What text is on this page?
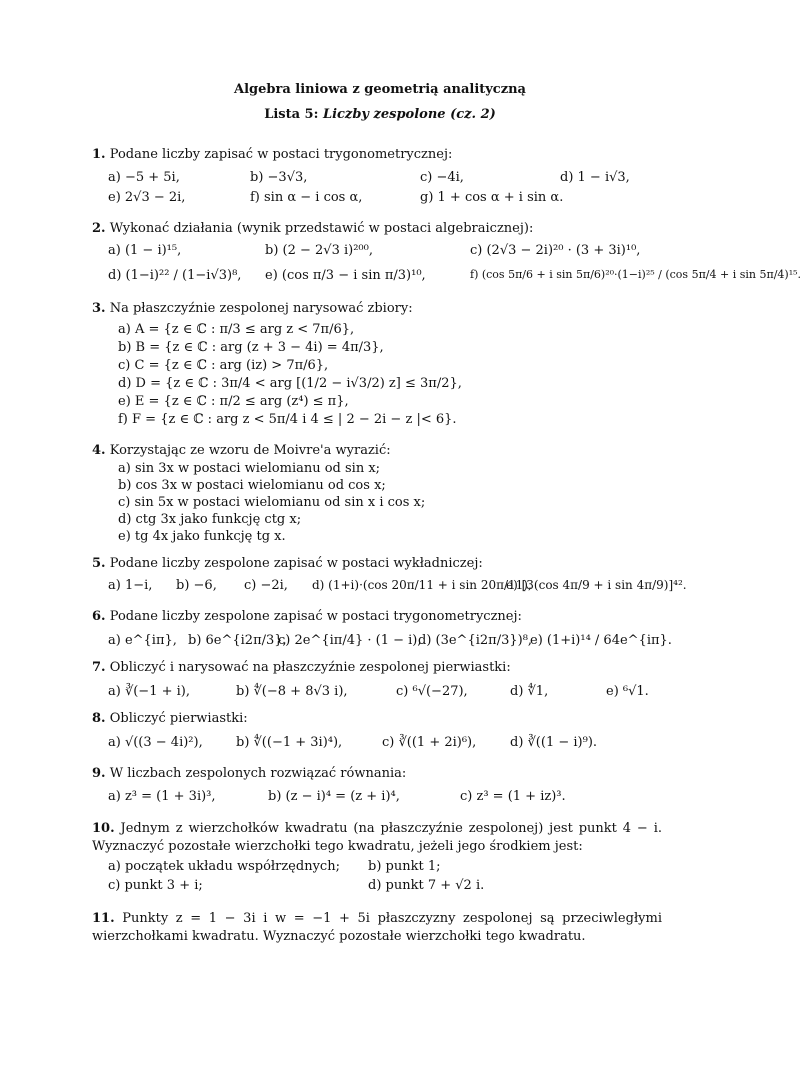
Algebra liniowa z geometrią analityczną
Lista 5: Liczby zespolone (cz. 2)
1. Podane liczby zapisać w postaci trygonometrycznej:
a) −5 + 5i,	b) −3√3,	c) −4i,	d) 1 − i√3,
e) 2√3 − 2i,	f) sin α − i cos α,	g) 1 + cos α + i sin α.
2. Wykonać działania (wynik przedstawić w postaci algebraicznej):
a) (1 − i)¹⁵,	b) (2 − 2√3 i)²⁰⁰,	c) (2√3 − 2i)²⁰ · (3 + 3i)¹⁰,
d) (1−i)²² / (1−i√3)⁸, e) (cos π/3 − i sin π/3)¹⁰,	f) (cos 5π/6 + i sin 5π/6)²⁰·(1−i)²⁵ / (cos 5π/4 + i sin 5π/4)¹⁵.
3. Na płaszczyźnie zespolonej narysować zbiory:
a) A = {z ∈ ℂ : π/3 ≤ arg z < 7π/6},
b) B = {z ∈ ℂ : arg (z + 3 − 4i) = 4π/3},
c) C = {z ∈ ℂ : arg (iz) > 7π/6},
d) D = {z ∈ ℂ : 3π/4 < arg [(1/2 − i√3/2) z] ≤ 3π/2},
e) E = {z ∈ ℂ : π/2 ≤ arg (z⁴) ≤ π},
f) F = {z ∈ ℂ : arg z < 5π/4 i 4 ≤ | 2 − 2i − z |< 6}.
4. Korzystając ze wzoru de Moivre'a wyrazić:
a) sin 3x w postaci wielomianu od sin x;
b) cos 3x w postaci wielomianu od cos x;
c) sin 5x w postaci wielomianu od sin x i cos x;
d) ctg 3x jako funkcję ctg x;
e) tg 4x jako funkcję tg x.
5. Podane liczby zespolone zapisać w postaci wykładniczej:
a) 1−i, b) −6, c) −2i, d) (1+i)·(cos 20π/11 + i sin 20π/11),
e) [3(cos 4π/9 + i sin 4π/9)]⁴².
6. Podane liczby zespolone zapisać w postaci trygonometrycznej:
a) e^{iπ}, b) 6e^{i2π/3},
c) 2e^{iπ/4} · (1 − i),
d) (3e^{i2π/3})⁸,
e) (1+i)¹⁴ / 64e^{iπ}.
7. Obliczyć i narysować na płaszczyźnie zespolonej pierwiastki:
a) ∛(−1 + i),	b) ∜(−8 + 8√3 i),	c) ⁶√(−27),	d) ∜1,	e) ⁶√1.
8. Obliczyć pierwiastki:
a) √((3 − 4i)²),	b) ∜((−1 + 3i)⁴),	c) ∛((1 + 2i)⁶),	d) ∛((1 − i)⁹).
9. W liczbach zespolonych rozwiązać równania:
a) z³ = (1 + 3i)³,	b) (z − i)⁴ = (z + i)⁴,	c) z³ = (1 + iz)³.
10. Jednym z wierzchołków kwadratu (na płaszczyźnie zespolonej) jest punkt 4 − i. Wyznaczyć pozostałe wierzchołki tego kwadratu, jeżeli jego środkiem jest:
a) początek układu współrzędnych; b) punkt 1;
c) punkt 3 + i;	d) punkt 7 + √2 i.
11. Punkty z = 1 − 3i i w = −1 + 5i płaszczyzny zespolonej są przeciwległymi wierzchołkami kwadratu. Wyznaczyć pozostałe wierzchołki tego kwadratu.
